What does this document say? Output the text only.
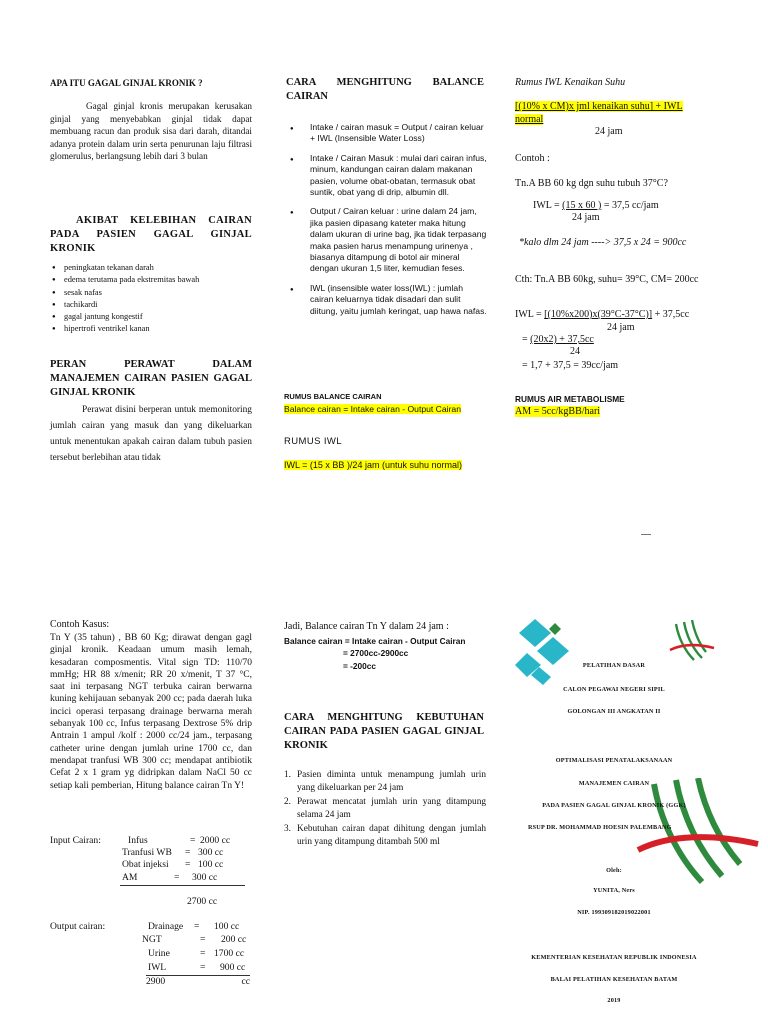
APA ITU GAGAL GINJAL KRONIK ?

Gagal ginjal kronis merupakan kerusakan ginjal yang menyebabkan ginjal tidak dapat membuang racun dan produk sisa dari darah, ditandai adanya protein dalam urin serta penurunan laju filtrasi glomerulus, berlangsung lebih dari 3 bulan

AKIBAT KELEBIHAN CAIRAN PADA PASIEN GAGAL GINJAL KRONIK
● peningkatan tekanan darah
● edema terutama pada ekstremitas bawah
● sesak nafas
● tachikardi
● gagal jantung kongestif
● hipertrofi ventrikel kanan
PERAN PERAWAT DALAM MANAJEMEN CAIRAN PASIEN GAGAL GINJAL KRONIK

Perawat disini berperan untuk memonitoring jumlah cairan yang masuk dan yang dikeluarkan untuk menentukan apakah cairan dalam tubuh pasien tersebut berlebihan atau tidak

CARA MENGHITUNG BALANCE CAIRAN
●	Intake / cairan masuk = Output / cairan keluar + IWL (Insensible Water Loss)
●	Intake / Cairan Masuk : mulai dari cairan infus, minum, kandungan cairan dalam makanan pasien, volume obat-obatan, termasuk obat suntik, obat yang di drip, albumin dll.
●	Output / Cairan keluar : urine dalam 24 jam, jika pasien dipasang kateter maka hitung dalam ukuran di urine bag, jka tidak terpasang maka pasien harus menampung urinenya , biasanya ditampung di botol air mineral dengan ukuran 1,5 liter, kemudian feses.
●	IWL (insensible water loss(IWL) : jumlah cairan keluarnya tidak disadari dan sulit diitung, yaitu jumlah keringat, uap hawa nafas.
RUMUS BALANCE CAIRAN
Balance cairan = Intake cairan - Output Cairan
RUMUS IWL
IWL = (15 x BB )/24 jam (untuk suhu normal)
Rumus IWL Kenaikan Suhu
[(10% x CM)x jml kenaikan suhu] + IWL normal
24 jam
Contoh :
Tn.A BB 60 kg dgn suhu tubuh 37°C?
IWL = (15 x 60 ) = 37,5 cc/jam
24 jam
*kalo dlm 24 jam ----> 37,5 x 24 = 900cc
Cth: Tn.A BB 60kg, suhu= 39°C, CM= 200cc
IWL = [(10%x200)x(39°C-37°C)] + 37,5cc
24 jam
= (20x2) + 37,5cc
24
= 1,7 + 37,5 = 39cc/jam
RUMUS AIR METABOLISME
AM = 5cc/kgBB/hari
Contoh Kasus:

Tn Y (35 tahun) , BB 60 Kg; dirawat dengan gagl ginjal kronik. Keadaan umum masih lemah, kesadaran composmentis. Vital sign TD: 110/70 mmHg; HR 88 x/menit; RR 20 x/menit, T 37 °C, saat ini terpasang NGT terbuka cairan berwarna kuning kehijauan sebanyak 200 cc; pada daerah luka incici operasi terpasang drainage berwarna merah sebanyak 100 cc, Infus terpasang Dextrose 5% drip Antrain 1 ampul /kolf : 2000 cc/24 jam., terpasang catheter urine dengan jumlah urine 1700 cc, dan mendapat tranfusi WB 300 cc; mendapat antibiotik Cefat 2 x 1 gram yg didripkan dalam NaCl 50 cc setiap kali pemberian, Hitung balance cairan Tn Y!

Input Cairan:	Infus	= 2000 cc
Tranfusi WB = 300 cc
Obat injeksi = 100 cc
AM	= 300 cc
2700 cc
Output cairan:	Drainage = 100 cc
NGT	= 200 cc
Urine	= 1700 cc
IWL	= 900 cc
2900	cc
Jadi, Balance cairan Tn Y dalam 24 jam :
Balance cairan = Intake cairan - Output Cairan
= 2700cc-2900cc
= -200cc
CARA MENGHITUNG KEBUTUHAN CAIRAN PADA PASIEN GAGAL GINJAL KRONIK
1. Pasien diminta untuk menampung jumlah urin yang dikeluarkan per 24 jam
2. Perawat mencatat jumlah urin yang ditampung selama 24 jam
3. Kebutuhan cairan dapat dihitung dengan jumlah urin yang ditampung ditambah 500 ml
PELATIHAN DASAR
CALON PEGAWAI NEGERI SIPIL
GOLONGAN III ANGKATAN II
OPTIMALISASI PENATALAKSANAAN
MANAJEMEN CAIRAN
PADA PASIEN GAGAL GINJAL KRONIK (GGK)
RSUP DR. MOHAMMAD HOESIN PALEMBANG
Oleh:
YUNITA, Ners
NIP. 199309182019022001
KEMENTERIAN KESEHATAN REPUBLIK INDONESIA
BALAI PELATIHAN KESEHATAN BATAM
2019
